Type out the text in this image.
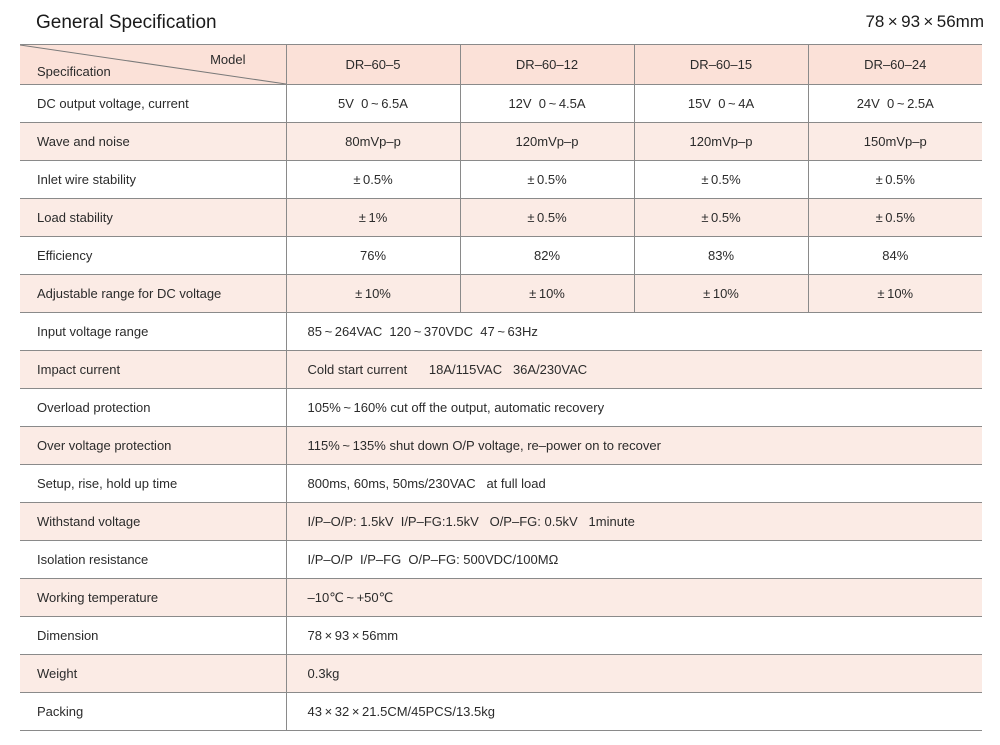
General Specification	78 × 93 × 56mm
Model
Specification	DR–60–5	DR–60–12	DR–60–15	DR–60–24
DC output voltage, current	5V  0 ~ 6.5A	12V  0 ~ 4.5A	15V  0 ~ 4A	24V  0 ~ 2.5A
Wave and noise	80mVp–p	120mVp–p	120mVp–p	150mVp–p
Inlet wire stability	± 0.5%	± 0.5%	± 0.5%	± 0.5%
Load stability	± 1%	± 0.5%	± 0.5%	± 0.5%
Efficiency	76%	82%	83%	84%
Adjustable range for DC voltage	± 10%	± 10%	± 10%	± 10%
Input voltage range	85 ~ 264VAC  120 ~ 370VDC  47 ~ 63Hz			
Impact current	Cold start current      18A/115VAC   36A/230VAC			
Overload protection	105% ~ 160% cut off the output, automatic recovery			
Over voltage protection	115% ~ 135% shut down O/P voltage, re–power on to recover			
Setup, rise, hold up time	800ms, 60ms, 50ms/230VAC   at full load			
Withstand voltage	I/P–O/P: 1.5kV  I/P–FG:1.5kV   O/P–FG: 0.5kV   1minute			
Isolation resistance	I/P–O/P  I/P–FG  O/P–FG: 500VDC/100MΩ			
Working temperature	–10℃ ~ +50℃			
Dimension	78 × 93 × 56mm			
Weight	0.3kg			
Packing	43 × 32 × 21.5CM/45PCS/13.5kg			
